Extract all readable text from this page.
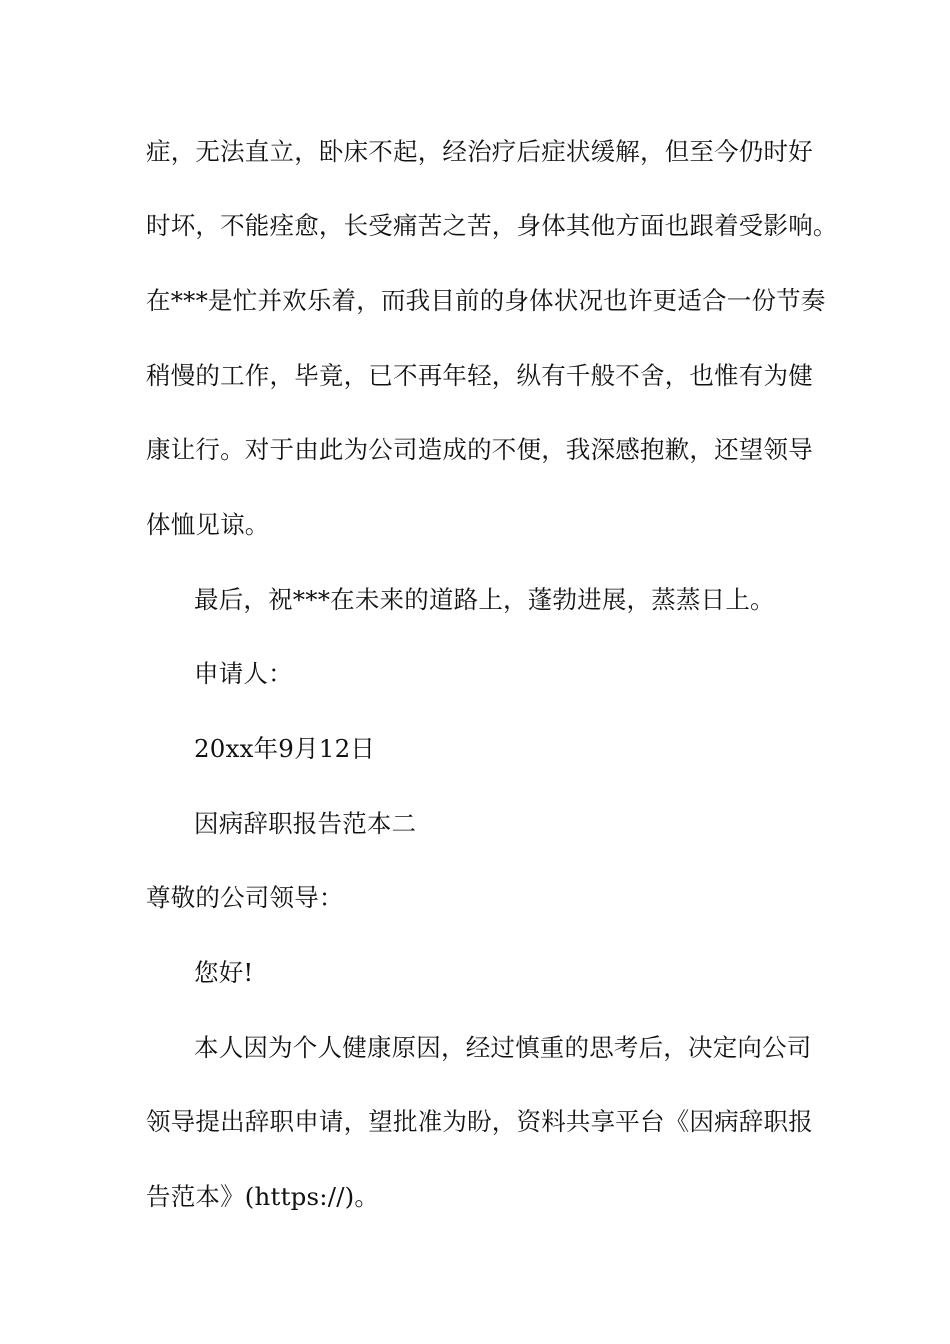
症，无法直立，卧床不起，经治疗后症状缓解，但至今仍时好
时坏，不能痊愈，长受痛苦之苦，身体其他方面也跟着受影响。
在***是忙并欢乐着，而我目前的身体状况也许更适合一份节奏
稍慢的工作，毕竟，已不再年轻，纵有千般不舍，也惟有为健
康让行。对于由此为公司造成的不便，我深感抱歉，还望领导
体恤见谅。
最后，祝***在未来的道路上，蓬勃进展，蒸蒸日上。
申请人：
20xx年9月12日
因病辞职报告范本二
尊敬的公司领导：
您好!
本人因为个人健康原因，经过慎重的思考后，决定向公司
领导提出辞职申请，望批准为盼，资料共享平台《因病辞职报
告范本》(https://)。
